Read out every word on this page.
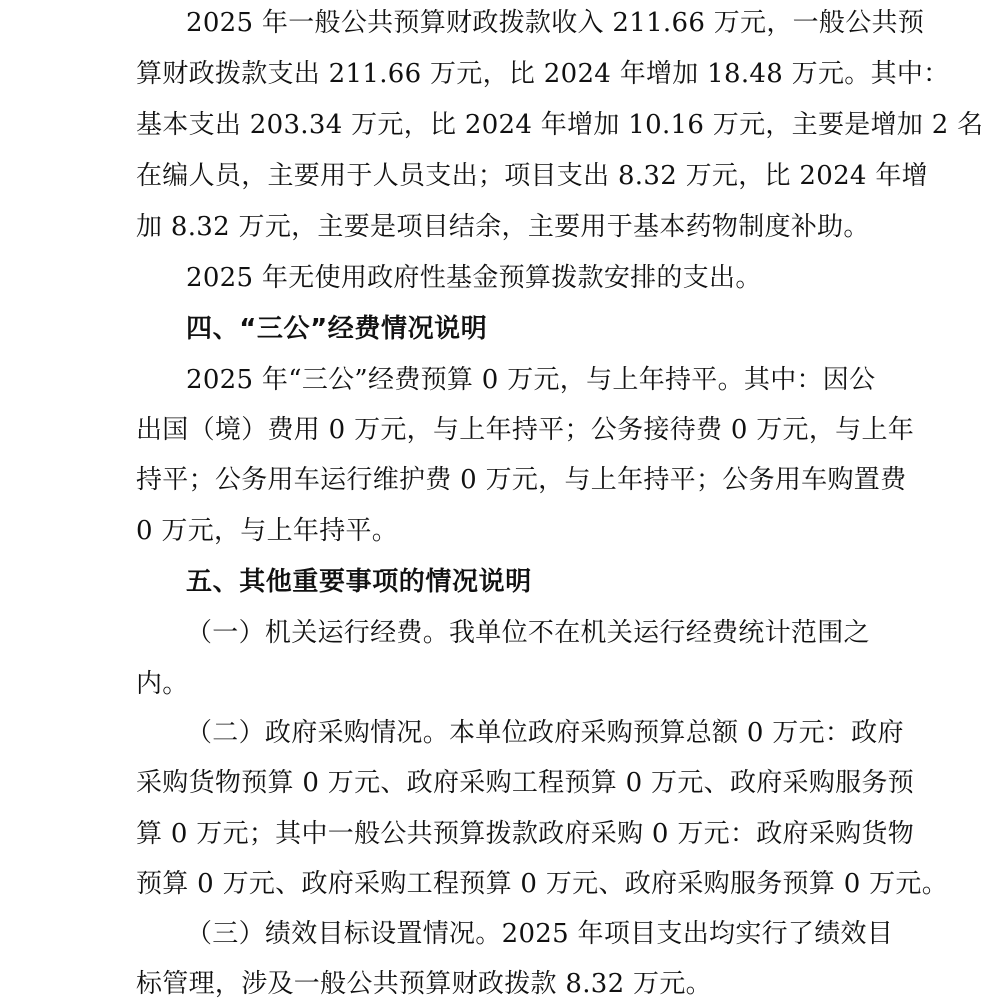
2025 年一般公共预算财政拨款收入 211.66 万元，一般公共预
算财政拨款支出 211.66 万元，比 2024 年增加 18.48 万元。其中：
基本支出 203.34 万元，比 2024 年增加 10.16 万元，主要是增加 2 名
在编人员，主要用于人员支出；项目支出 8.32 万元，比 2024 年增
加 8.32 万元，主要是项目结余，主要用于基本药物制度补助。
2025 年无使用政府性基金预算拨款安排的支出。
四、“三公”经费情况说明
2025 年“三公”经费预算 0 万元，与上年持平。其中：因公
出国（境）费用 0 万元，与上年持平；公务接待费 0 万元，与上年
持平；公务用车运行维护费 0 万元，与上年持平；公务用车购置费
0 万元，与上年持平。
五、其他重要事项的情况说明
（一）机关运行经费。我单位不在机关运行经费统计范围之
内。
（二）政府采购情况。本单位政府采购预算总额 0 万元：政府
采购货物预算 0 万元、政府采购工程预算 0 万元、政府采购服务预
算 0 万元；其中一般公共预算拨款政府采购 0 万元：政府采购货物
预算 0 万元、政府采购工程预算 0 万元、政府采购服务预算 0 万元。
（三）绩效目标设置情况。2025 年项目支出均实行了绩效目
标管理，涉及一般公共预算财政拨款 8.32 万元。
